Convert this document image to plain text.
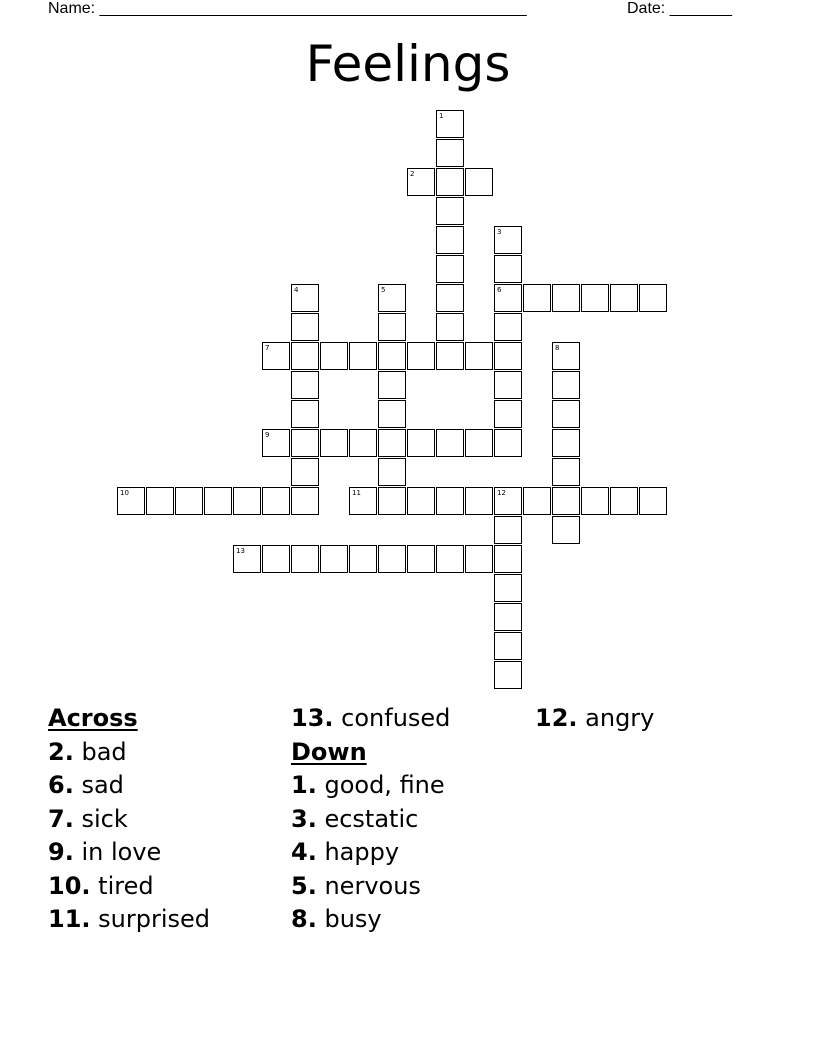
Name: ________________________________________________	Date: _______
Feelings
2
6
7
9
10	11	12
13
1
3
4	5
8
Across
2. bad
6. sad
7. sick
9. in love
10. tired
11. surprised
13. confused
Down
1. good, fine
3. ecstatic
4. happy
5. nervous
8. busy
12. angry
